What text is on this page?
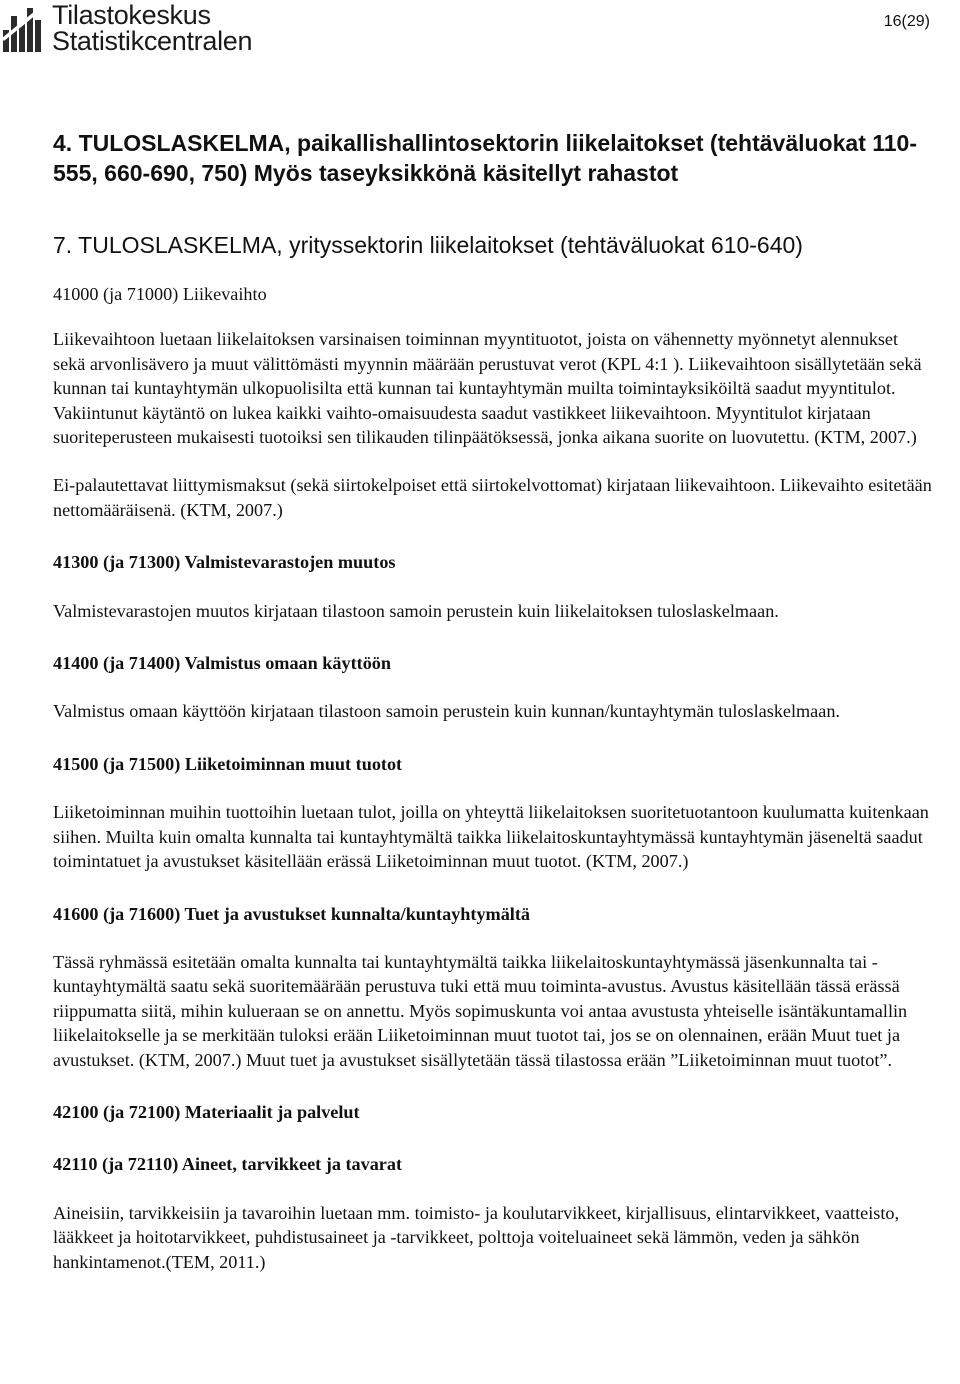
Tilastokeskus
Statistikcentralen
16(29)

4. TULOSLASKELMA, paikallishallintosektorin liikelaitokset (tehtäväluokat 110-555, 660-690, 750) Myös taseyksikkönä käsitellyt rahastot

7. TULOSLASKELMA, yrityssektorin liikelaitokset (tehtäväluokat 610-640)

41000 (ja 71000) Liikevaihto

Liikevaihtoon luetaan liikelaitoksen varsinaisen toiminnan myyntituotot, joista on vähennetty myönnetyt alennukset sekä arvonlisävero ja muut välittömästi myynnin määrään perustuvat verot (KPL 4:1 ). Liikevaihtoon sisällytetään sekä kunnan tai kuntayhtymän ulkopuolisilta että kunnan tai kuntayhtymän muilta toimintayksiköiltä saadut myyntitulot. Vakiintunut käytäntö on lukea kaikki vaihto-omaisuudesta saadut vastikkeet liikevaihtoon. Myyntitulot kirjataan suoriteperusteen mukaisesti tuotoiksi sen tilikauden tilinpäätöksessä, jonka aikana suorite on luovutettu. (KTM, 2007.)

Ei-palautettavat liittymismaksut (sekä siirtokelpoiset että siirtokelvottomat) kirjataan liikevaihtoon. Liikevaihto esitetään nettomääräisenä. (KTM, 2007.)

41300 (ja 71300) Valmistevarastojen muutos

Valmistevarastojen muutos kirjataan tilastoon samoin perustein kuin liikelaitoksen tuloslaskelmaan.

41400 (ja 71400) Valmistus omaan käyttöön

Valmistus omaan käyttöön kirjataan tilastoon samoin perustein kuin kunnan/kuntayhtymän tuloslaskelmaan.

41500 (ja 71500) Liiketoiminnan muut tuotot

Liiketoiminnan muihin tuottoihin luetaan tulot, joilla on yhteyttä liikelaitoksen suoritetuotantoon kuulumatta kuitenkaan siihen. Muilta kuin omalta kunnalta tai kuntayhtymältä taikka liikelaitoskuntayhtymässä kuntayhtymän jäseneltä saadut toimintatuet ja avustukset käsitellään erässä Liiketoiminnan muut tuotot. (KTM, 2007.)

41600 (ja 71600) Tuet ja avustukset kunnalta/kuntayhtymältä

Tässä ryhmässä esitetään omalta kunnalta tai kuntayhtymältä taikka liikelaitoskuntayhtymässä jäsenkunnalta tai -kuntayhtymältä saatu sekä suoritemäärään perustuva tuki että muu toiminta-avustus. Avustus käsitellään tässä erässä riippumatta siitä, mihin kulueraan se on annettu. Myös sopimuskunta voi antaa avustusta yhteiselle isäntäkuntamallin liikelaitokselle ja se merkitään tuloksi erään Liiketoiminnan muut tuotot tai, jos se on olennainen, erään Muut tuet ja avustukset. (KTM, 2007.) Muut tuet ja avustukset sisällytetään tässä tilastossa erään ”Liiketoiminnan muut tuotot”.

42100 (ja 72100) Materiaalit ja palvelut

42110 (ja 72110) Aineet, tarvikkeet ja tavarat

Aineisiin, tarvikkeisiin ja tavaroihin luetaan mm. toimisto- ja koulutarvikkeet, kirjallisuus, elintarvikkeet, vaatteisto, lääkkeet ja hoitotarvikkeet, puhdistusaineet ja -tarvikkeet, polttoja voiteluaineet sekä lämmön, veden ja sähkön hankintamenot.(TEM, 2011.)
